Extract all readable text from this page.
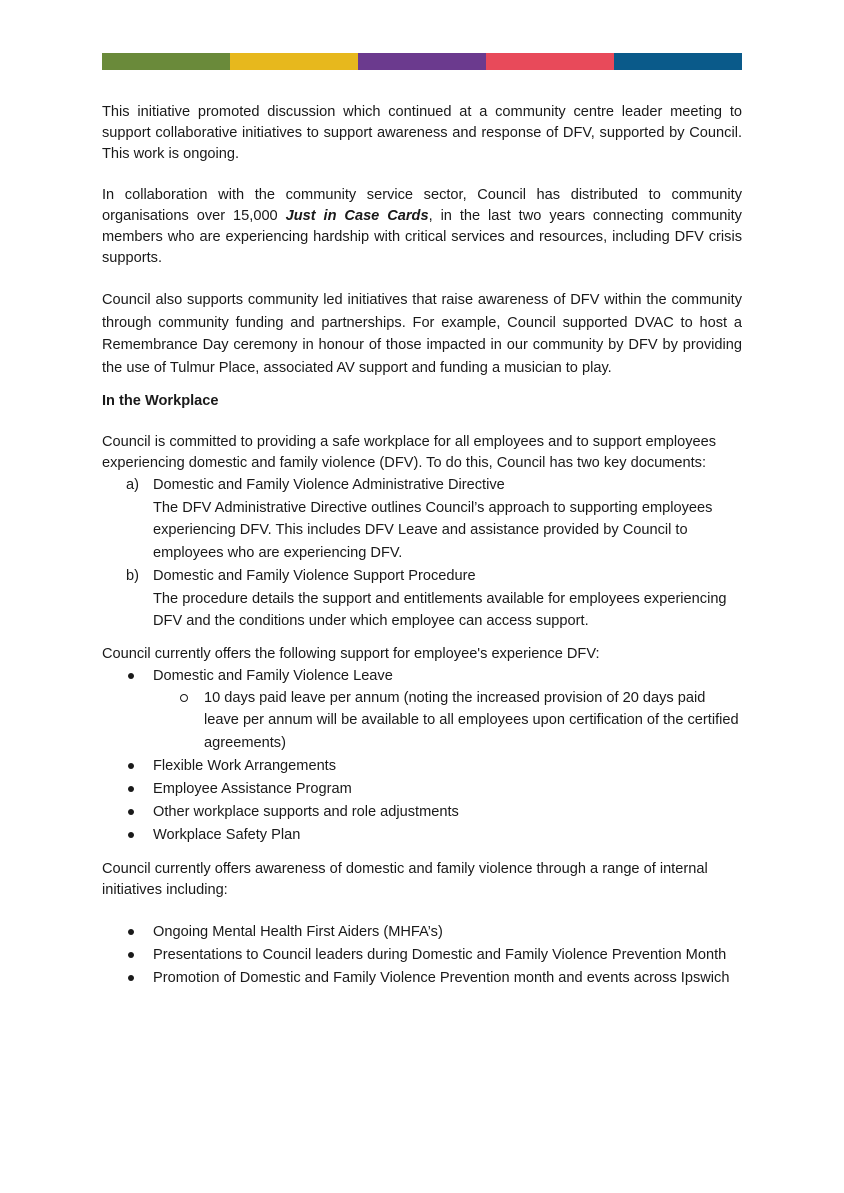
This initiative promoted discussion which continued at a community centre leader meeting to support collaborative initiatives to support awareness and response of DFV, supported by Council. This work is ongoing.

In collaboration with the community service sector, Council has distributed to community organisations over 15,000 Just in Case Cards, in the last two years connecting community members who are experiencing hardship with critical services and resources, including DFV crisis supports.

Council also supports community led initiatives that raise awareness of DFV within the community through community funding and partnerships. For example, Council supported DVAC to host a Remembrance Day ceremony in honour of those impacted in our community by DFV by providing the use of Tulmur Place, associated AV support and funding a musician to play.

In the Workplace

Council is committed to providing a safe workplace for all employees and to support employees experiencing domestic and family violence (DFV). To do this, Council has two key documents:

a) Domestic and Family Violence Administrative Directive
The DFV Administrative Directive outlines Council’s approach to supporting employees experiencing DFV. This includes DFV Leave and assistance provided by Council to employees who are experiencing DFV.
b) Domestic and Family Violence Support Procedure
The procedure details the support and entitlements available for employees experiencing DFV and the conditions under which employee can access support.

Council currently offers the following support for employee's experience DFV:

Domestic and Family Violence Leave
10 days paid leave per annum (noting the increased provision of 20 days paid leave per annum will be available to all employees upon certification of the certified agreements)
Flexible Work Arrangements
Employee Assistance Program
Other workplace supports and role adjustments
Workplace Safety Plan

Council currently offers awareness of domestic and family violence through a range of internal initiatives including:

Ongoing Mental Health First Aiders (MHFA’s)
Presentations to Council leaders during Domestic and Family Violence Prevention Month
Promotion of Domestic and Family Violence Prevention month and events across Ipswich
